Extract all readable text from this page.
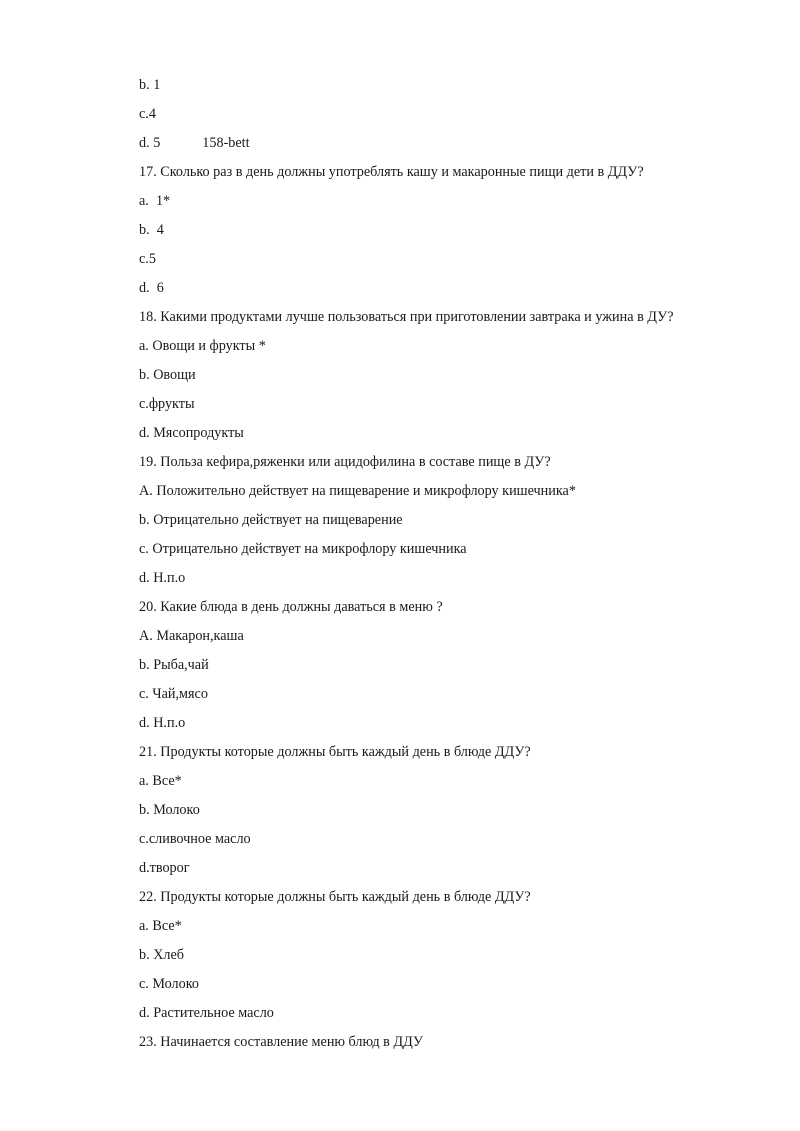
b. 1
c.4
d. 5	158-bett
17. Сколько раз в день должны употреблять кашу и макаронные пищи дети в ДДУ?
a.  1*
b.  4
c.5
d.  6
18. Какими продуктами лучше пользоваться при приготовлении завтрака и ужина в ДУ?
a. Овощи и фрукты *
b. Овощи
c.фрукты
d. Мясопродукты
19. Польза кефира,ряженки или ацидофилина в составе пище в ДУ?
A. Положительно действует на пищеварение и микрофлору кишечника*
b. Отрицательно действует на пищеварение
c. Отрицательно действует на микрофлору кишечника
d. Н.п.о
20. Какие блюда в день должны даваться в меню ?
A. Макарон,каша
b. Рыба,чай
c. Чай,мясо
d. Н.п.о
21. Продукты которые должны быть каждый день в блюде ДДУ?
a. Все*
b. Молоко
c.сливочное масло
d.творог
22. Продукты которые должны быть каждый день в блюде ДДУ?
a. Все*
b. Хлеб
c. Молоко
d. Растительное масло
23. Начинается составление меню блюд в ДДУ
